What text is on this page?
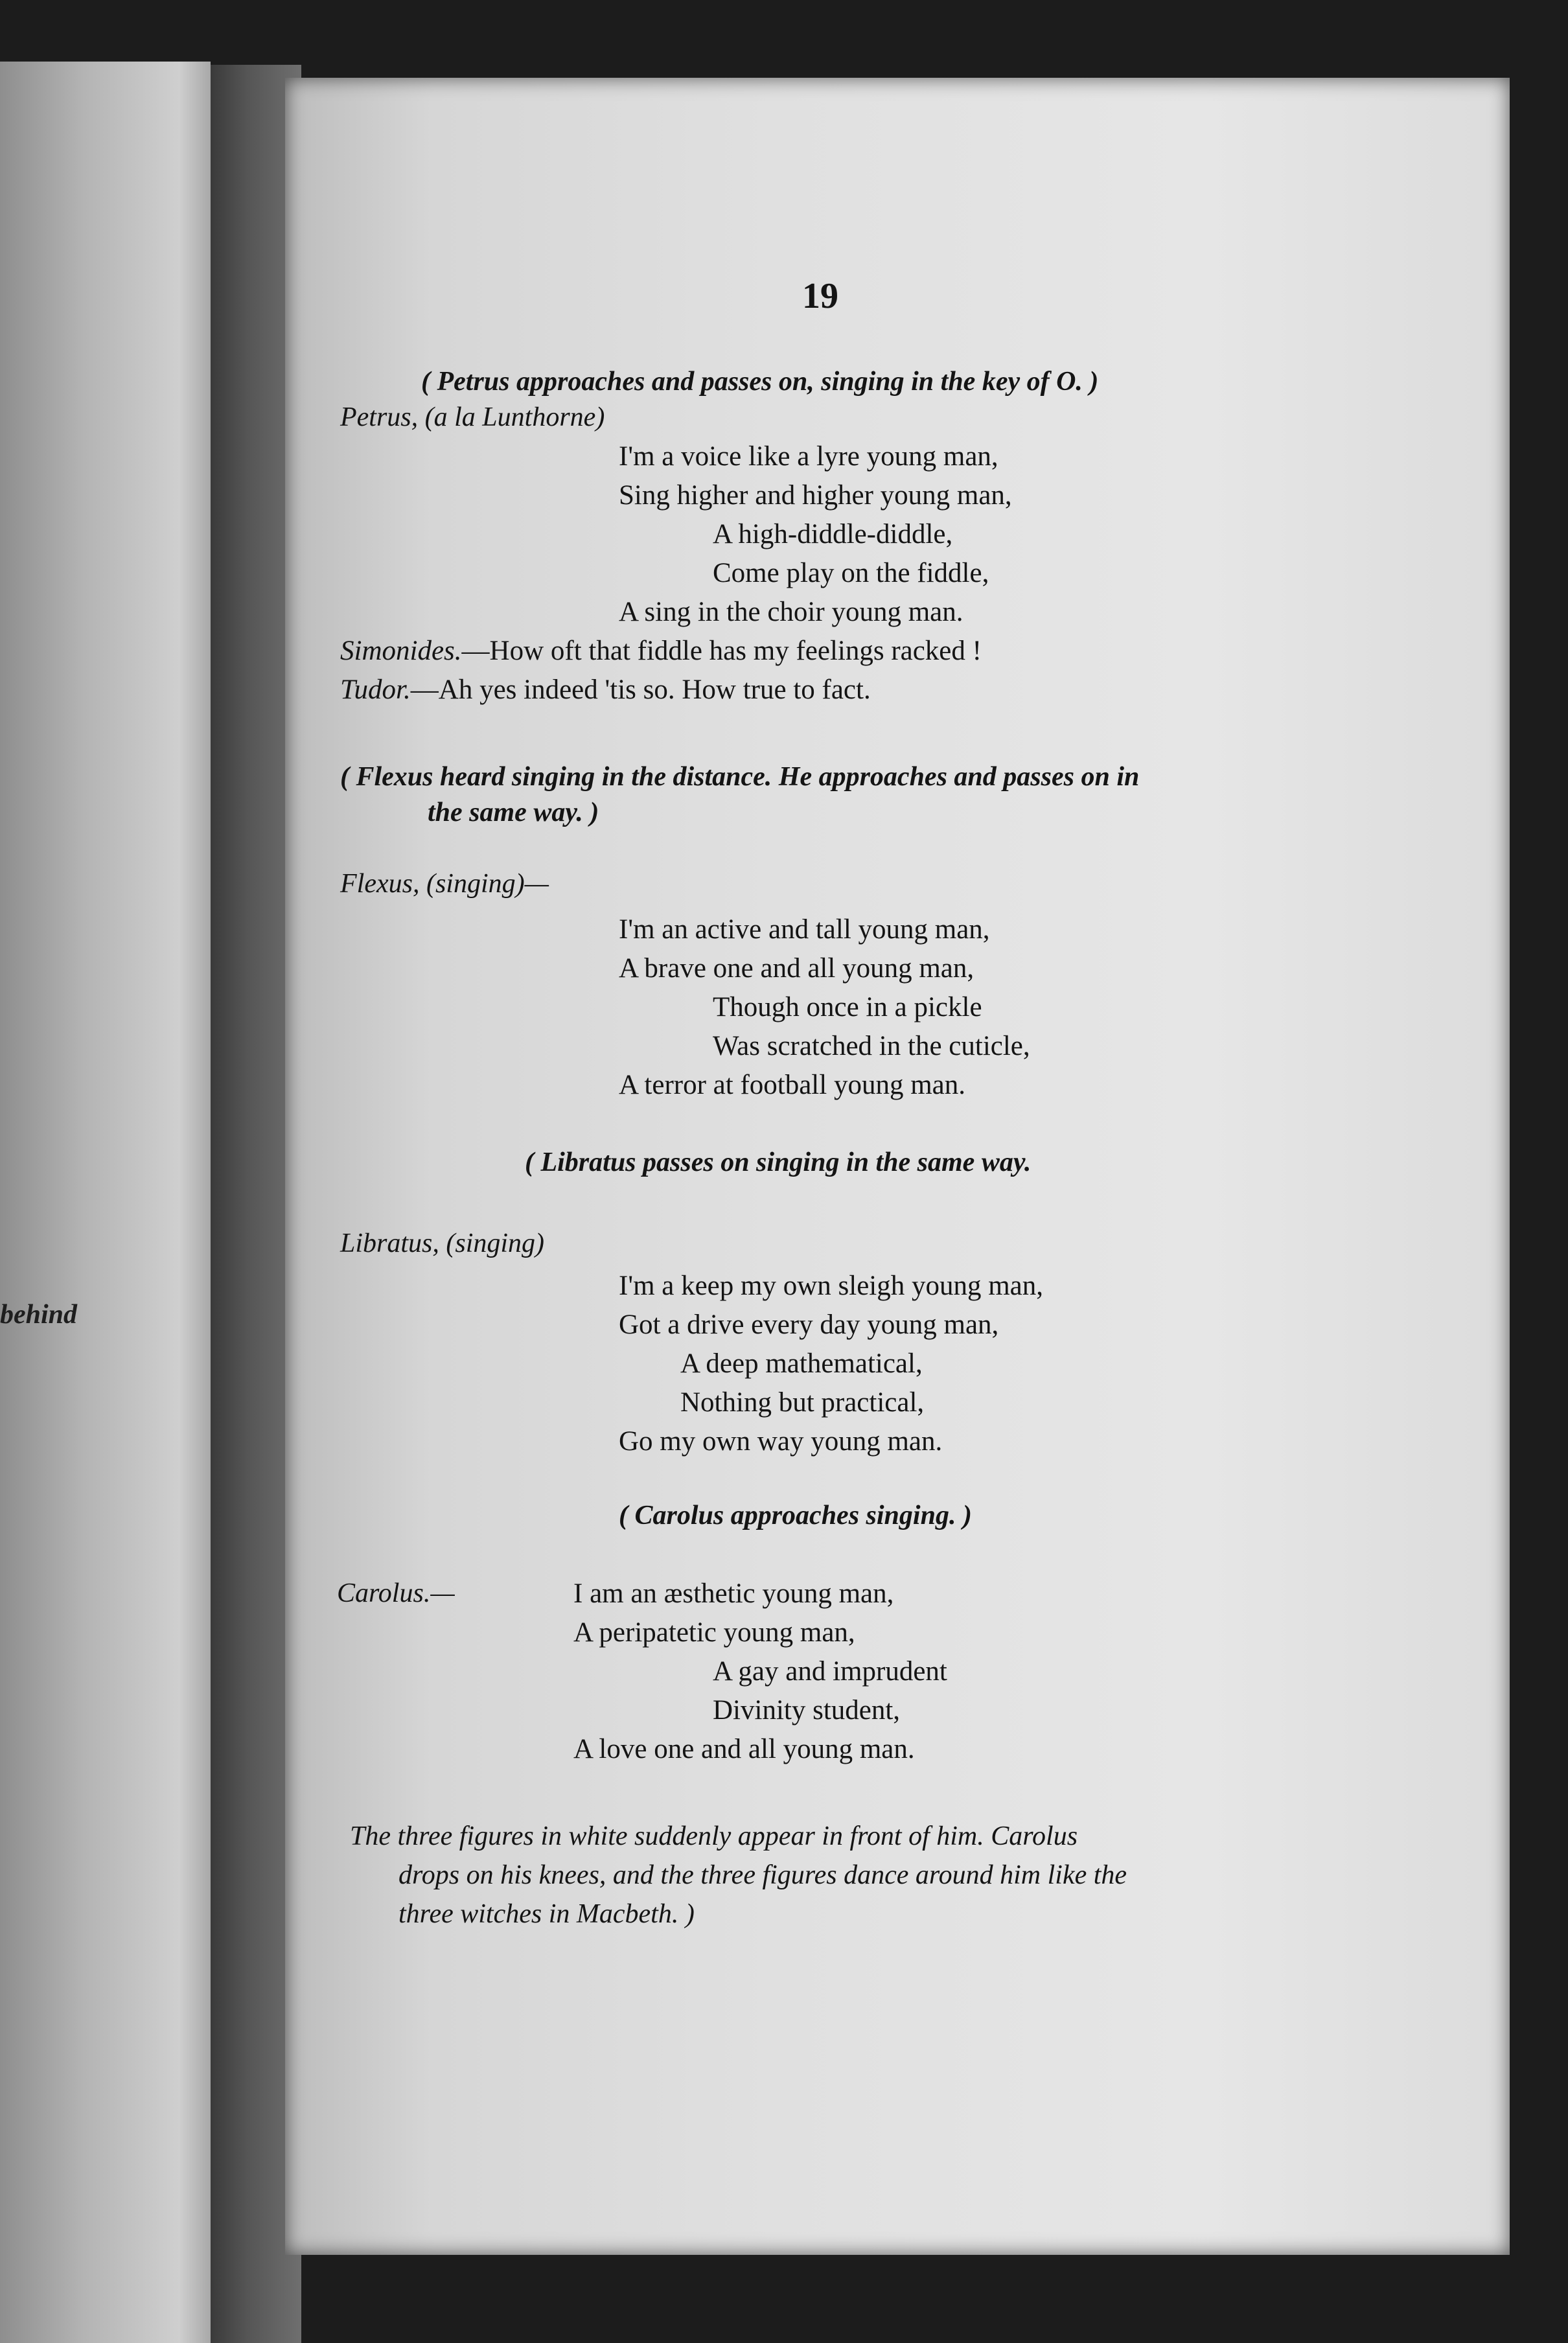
behind
19
( Petrus approaches and passes on, singing in the key of O. )
Petrus, (a la Lunthorne)
I'm a voice like a lyre young man,
Sing higher and higher young man,
A high-diddle-diddle,
Come play on the fiddle,
A sing in the choir young man.
Simonides.—How oft that fiddle has my feelings racked !
Tudor.—Ah yes indeed 'tis so. How true to fact.
( Flexus heard singing in the distance. He approaches and passes on in
the same way. )
Flexus, (singing)—
I'm an active and tall young man,
A brave one and all young man,
Though once in a pickle
Was scratched in the cuticle,
A terror at football young man.
( Libratus passes on singing in the same way.
Libratus, (singing)
I'm a keep my own sleigh young man,
Got a drive every day young man,
A deep mathematical,
Nothing but practical,
Go my own way young man.
( Carolus approaches singing. )
Carolus.—	I am an æsthetic young man,
A peripatetic young man,
A gay and imprudent
Divinity student,
A love one and all young man.
The three figures in white suddenly appear in front of him. Carolus
drops on his knees, and the three figures dance around him like the
three witches in Macbeth. )
